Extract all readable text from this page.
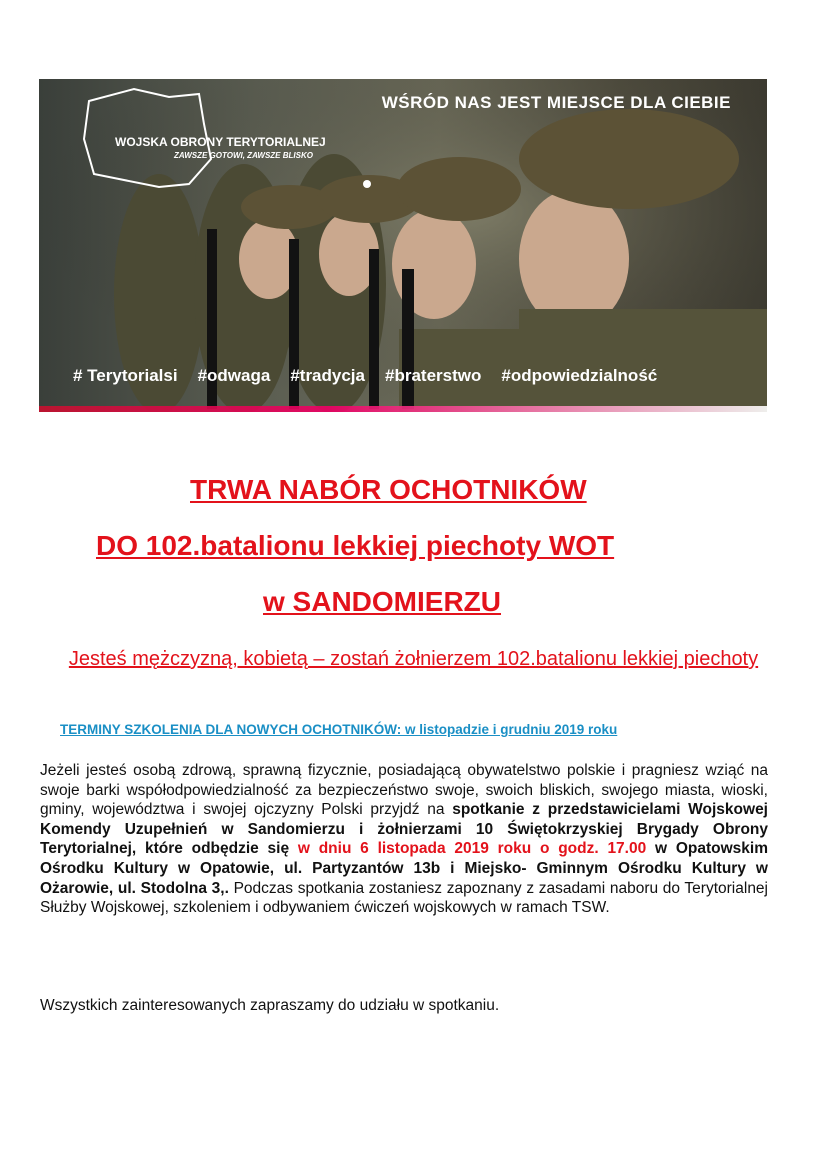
WŚRÓD NAS JEST MIEJSCE DLA CIEBIE
WOJSKA OBRONY TERYTORIALNEJ
ZAWSZE GOTOWI, ZAWSZE BLISKO
# Terytorialsi #odwaga #tradycja #braterstwo #odpowiedzialność
TRWA NABÓR OCHOTNIKÓW
DO 102.batalionu lekkiej piechoty WOT
w SANDOMIERZU
Jesteś mężczyzną, kobietą – zostań żołnierzem 102.batalionu lekkiej piechoty
TERMINY SZKOLENIA DLA NOWYCH OCHOTNIKÓW: w listopadzie i grudniu 2019 roku
Jeżeli jesteś osobą zdrową, sprawną fizycznie, posiadającą obywatelstwo polskie i pragniesz wziąć na swoje barki współodpowiedzialność za bezpieczeństwo swoje, swoich bliskich, swojego miasta, wioski, gminy, województwa i swojej ojczyzny Polski przyjdź na spotkanie z przedstawicielami Wojskowej Komendy Uzupełnień w Sandomierzu i żołnierzami 10 Świętokrzyskiej Brygady Obrony Terytorialnej, które odbędzie się w dniu 6 listopada 2019 roku o godz. 17.00 w Opatowskim Ośrodku Kultury w Opatowie, ul. Partyzantów 13b i Miejsko- Gminnym Ośrodku Kultury w Ożarowie, ul. Stodolna 3,. Podczas spotkania zostaniesz zapoznany z zasadami naboru do Terytorialnej Służby Wojskowej, szkoleniem i odbywaniem ćwiczeń wojskowych w ramach TSW.
Wszystkich zainteresowanych zapraszamy do udziału w spotkaniu.
